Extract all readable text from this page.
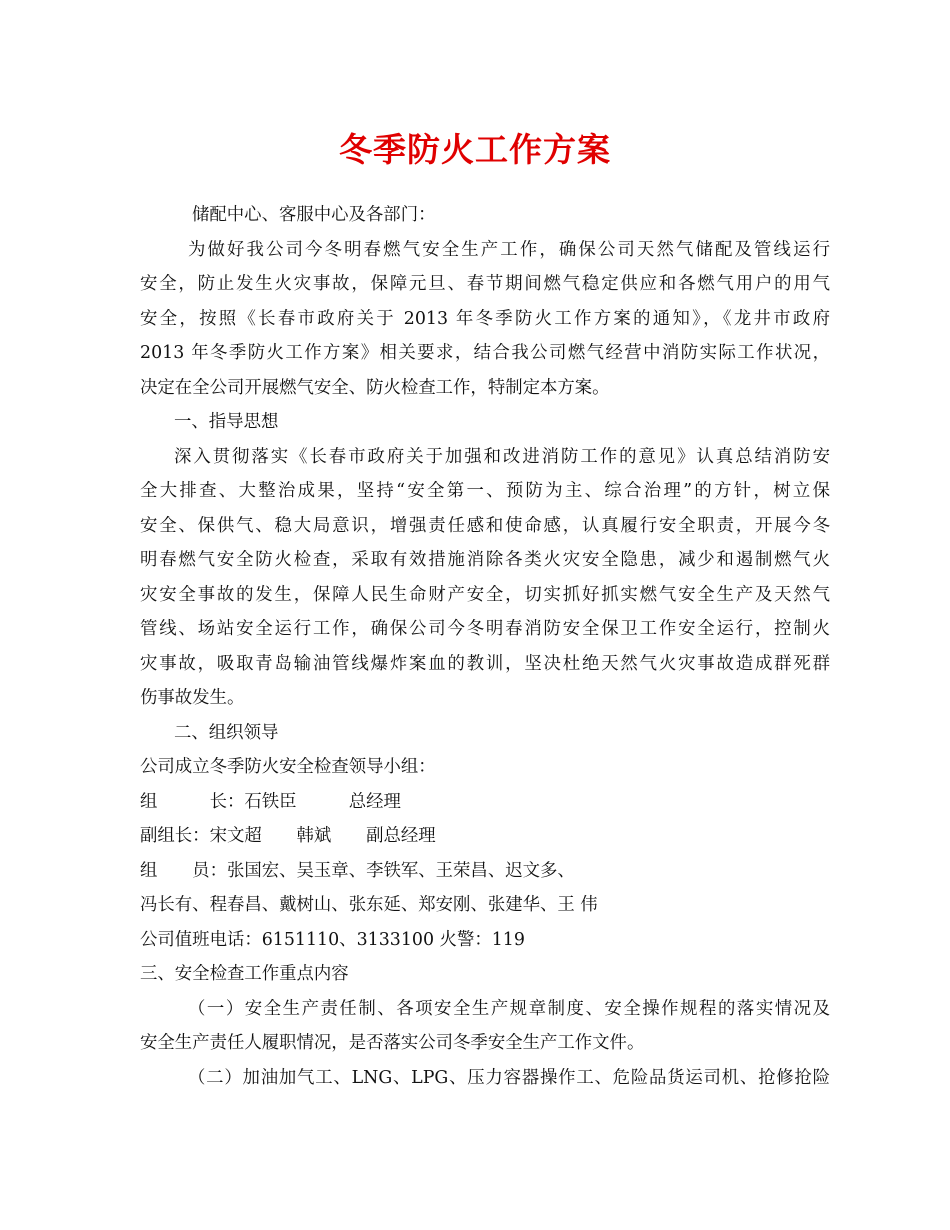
冬季防火工作方案
储配中心、客服中心及各部门：
为做好我公司今冬明春燃气安全生产工作，确保公司天然气储配及管线运行
安全，防止发生火灾事故，保障元旦、春节期间燃气稳定供应和各燃气用户的用气
安全，按照《长春市政府关于 2013 年冬季防火工作方案的通知》，《龙井市政府
2013 年冬季防火工作方案》相关要求，结合我公司燃气经营中消防实际工作状况，
决定在全公司开展燃气安全、防火检查工作，特制定本方案。
一、指导思想
深入贯彻落实《长春市政府关于加强和改进消防工作的意见》认真总结消防安
全大排查、大整治成果，坚持“安全第一、预防为主、综合治理”的方针，树立保
安全、保供气、稳大局意识，增强责任感和使命感，认真履行安全职责，开展今冬
明春燃气安全防火检查，采取有效措施消除各类火灾安全隐患，减少和遏制燃气火
灾安全事故的发生，保障人民生命财产安全，切实抓好抓实燃气安全生产及天然气
管线、场站安全运行工作，确保公司今冬明春消防安全保卫工作安全运行，控制火
灾事故，吸取青岛输油管线爆炸案血的教训，坚决杜绝天然气火灾事故造成群死群
伤事故发生。
二、组织领导
公司成立冬季防火安全检查领导小组：
组　　　长：石铁臣　　　总经理
副组长：宋文超　　韩斌　　副总经理
组　　员：张国宏、吴玉章、李铁军、王荣昌、迟文多、
冯长有、程春昌、戴树山、张东延、郑安刚、张建华、王 伟
公司值班电话：6151110、3133100 火警：119
三、安全检查工作重点内容
（一）安全生产责任制、各项安全生产规章制度、安全操作规程的落实情况及
安全生产责任人履职情况，是否落实公司冬季安全生产工作文件。
（二）加油加气工、LNG、LPG、压力容器操作工、危险品货运司机、抢修抢险
